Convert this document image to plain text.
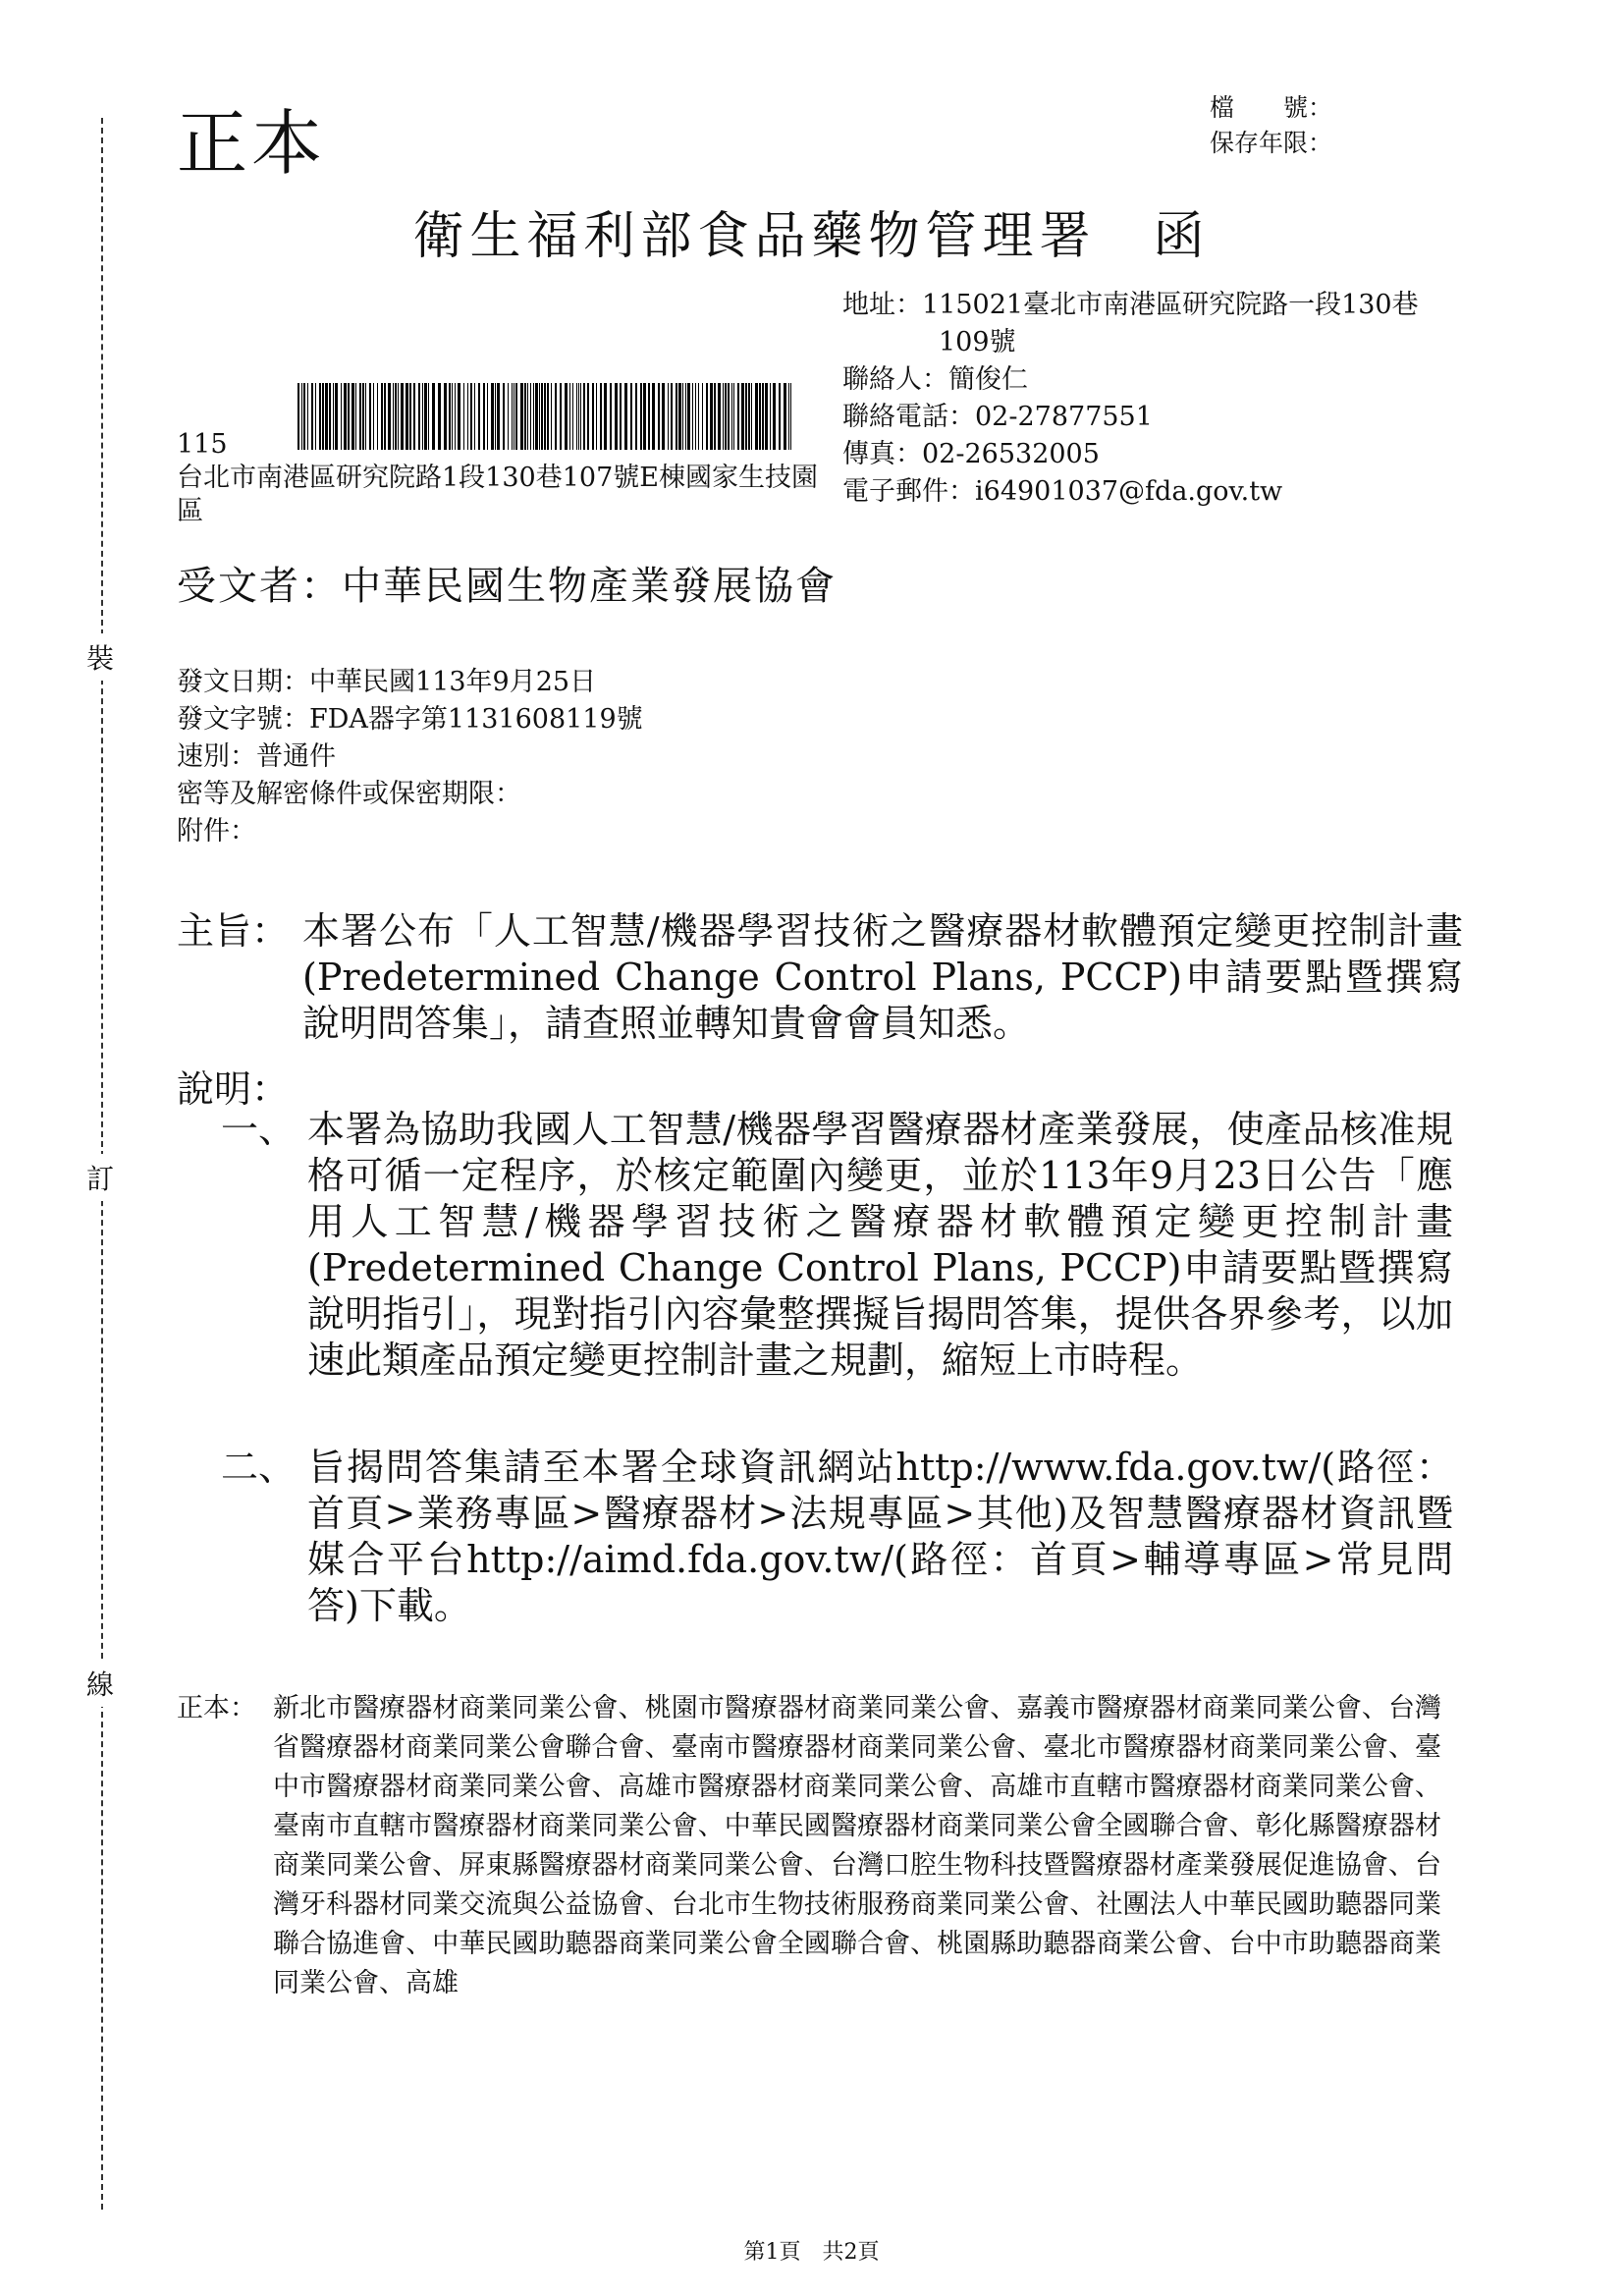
裝
訂
線
正本	檔　　號：
保存年限：
衛生福利部食品藥物管理署　函
地址：115021臺北市南港區研究院路一段130巷
109號
聯絡人：簡俊仁
聯絡電話：02-27877551
傳真：02-26532005
電子郵件：i64901037@fda.gov.tw
115
台北市南港區研究院路1段130巷107號E棟國家生技園區
受文者：中華民國生物產業發展協會
發文日期：中華民國113年9月25日
發文字號：FDA器字第1131608119號
速別：普通件
密等及解密條件或保密期限：
附件：
主旨： 本署公布「人工智慧/機器學習技術之醫療器材軟體預定變更控制計畫(Predetermined Change Control Plans, PCCP)申請要點暨撰寫說明問答集」，請查照並轉知貴會會員知悉。
說明：
一、 本署為協助我國人工智慧/機器學習醫療器材產業發展，使產品核准規格可循一定程序，於核定範圍內變更，並於113年9月23日公告「應用人工智慧/機器學習技術之醫療器材軟體預定變更控制計畫 (Predetermined Change Control Plans, PCCP)申請要點暨撰寫說明指引」，現對指引內容彙整撰擬旨揭問答集，提供各界參考，以加速此類產品預定變更控制計畫之規劃，縮短上市時程。
二、 旨揭問答集請至本署全球資訊網站http://www.fda.gov.tw/(路徑：首頁>業務專區>醫療器材>法規專區>其他)及智慧醫療器材資訊暨媒合平台http://aimd.fda.gov.tw/(路徑：首頁>輔導專區>常見問答)下載。
正本： 新北市醫療器材商業同業公會、桃園市醫療器材商業同業公會、嘉義市醫療器材商業同業公會、台灣省醫療器材商業同業公會聯合會、臺南市醫療器材商業同業公會、臺北市醫療器材商業同業公會、臺中市醫療器材商業同業公會、高雄市醫療器材商業同業公會、高雄市直轄市醫療器材商業同業公會、臺南市直轄市醫療器材商業同業公會、中華民國醫療器材商業同業公會全國聯合會、彰化縣醫療器材商業同業公會、屏東縣醫療器材商業同業公會、台灣口腔生物科技暨醫療器材產業發展促進協會、台灣牙科器材同業交流與公益協會、台北市生物技術服務商業同業公會、社團法人中華民國助聽器同業聯合協進會、中華民國助聽器商業同業公會全國聯合會、桃園縣助聽器商業公會、台中市助聽器商業同業公會、高雄
第1頁　共2頁
